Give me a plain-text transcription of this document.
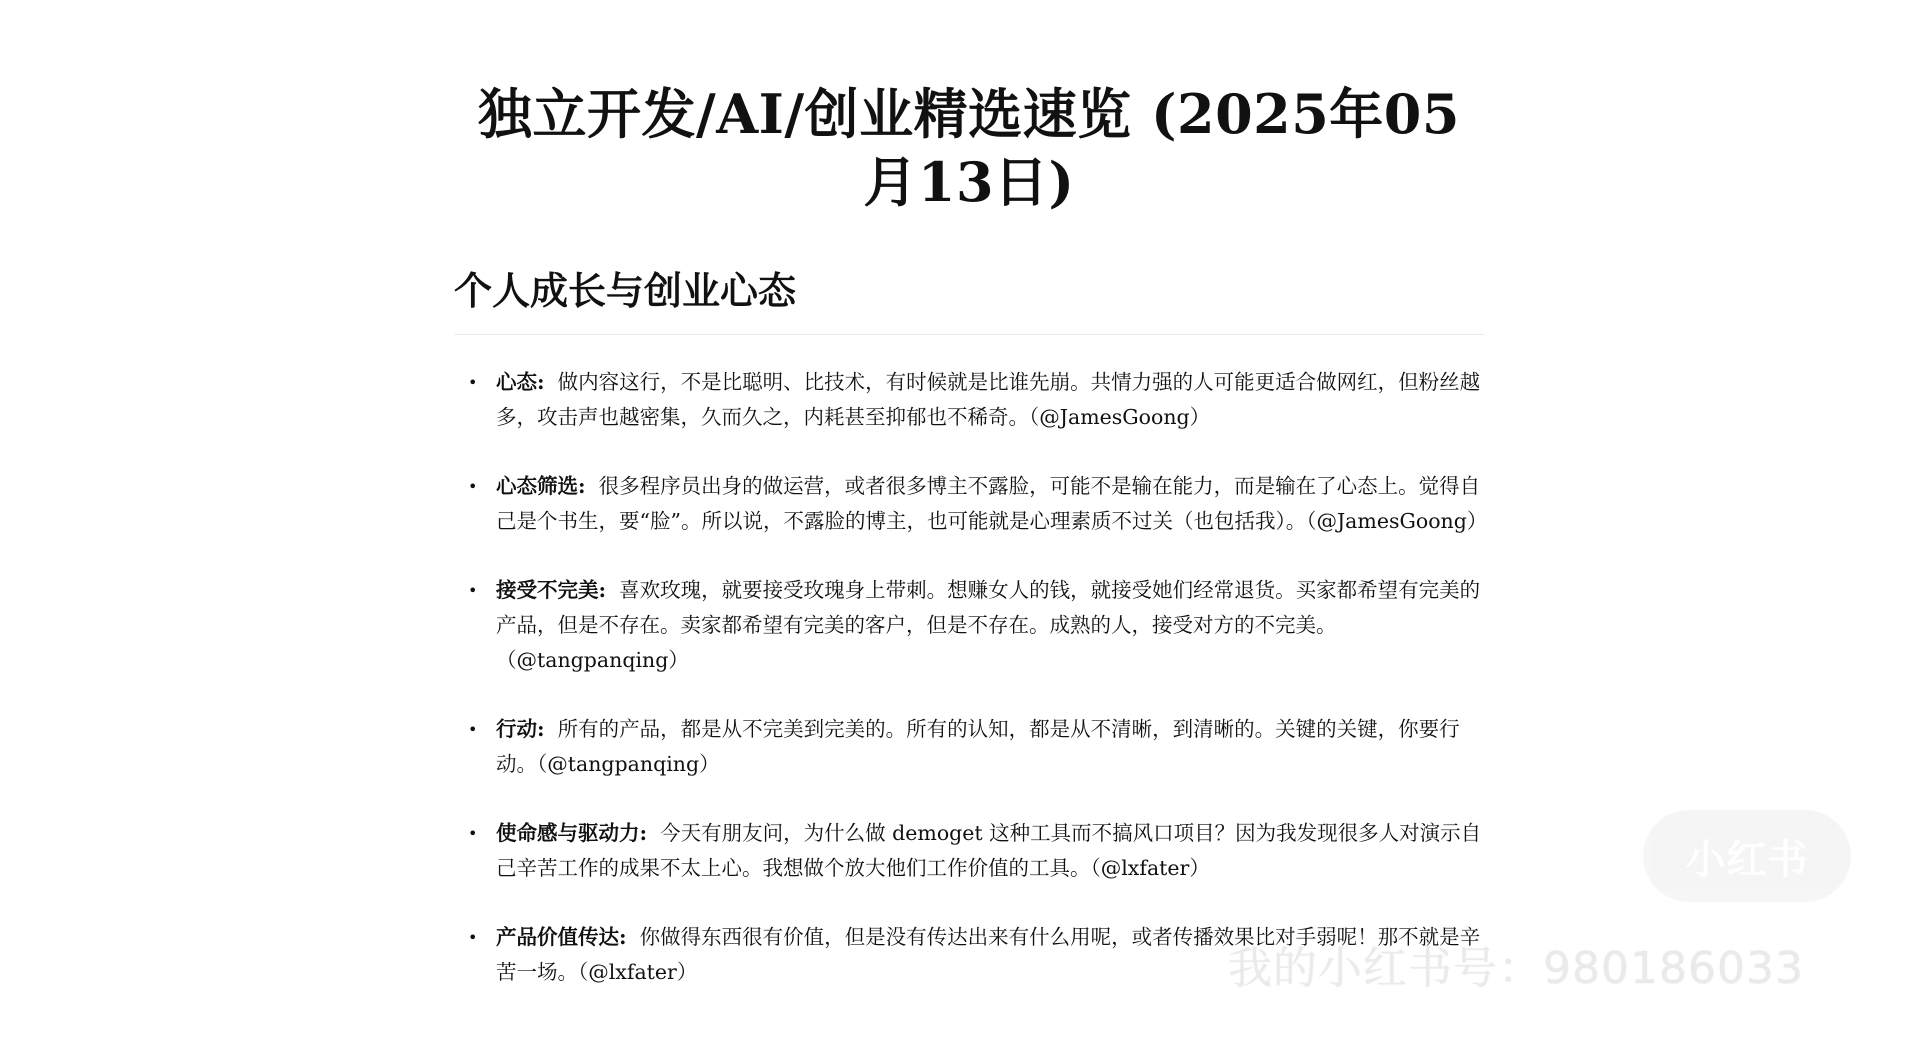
独立开发/AI/创业精选速览 (2025年05月13日)
个人成长与创业心态
• 心态: 做内容这行，不是比聪明、比技术，有时候就是比谁先崩。共情力强的人可能更适合做网红，但粉丝越多，攻击声也越密集，久而久之，内耗甚至抑郁也不稀奇。（@JamesGoong）
• 心态筛选: 很多程序员出身的做运营，或者很多博主不露脸，可能不是输在能力，而是输在了心态上。觉得自己是个书生，要“脸”。所以说，不露脸的博主，也可能就是心理素质不过关（也包括我）。（@JamesGoong）
• 接受不完美: 喜欢玫瑰，就要接受玫瑰身上带刺。想赚女人的钱，就接受她们经常退货。买家都希望有完美的产品，但是不存在。卖家都希望有完美的客户，但是不存在。成熟的人，接受对方的不完美。（@tangpanqing）
• 行动: 所有的产品，都是从不完美到完美的。所有的认知，都是从不清晰，到清晰的。关键的关键，你要行动。（@tangpanqing）
• 使命感与驱动力: 今天有朋友问，为什么做 demoget 这种工具而不搞风口项目？因为我发现很多人对演示自己辛苦工作的成果不太上心。我想做个放大他们工作价值的工具。（@lxfater）
• 产品价值传达: 你做得东西很有价值，但是没有传达出来有什么用呢，或者传播效果比对手弱呢！那不就是辛苦一场。（@lxfater）
小红书
我的小红书号：980186033
